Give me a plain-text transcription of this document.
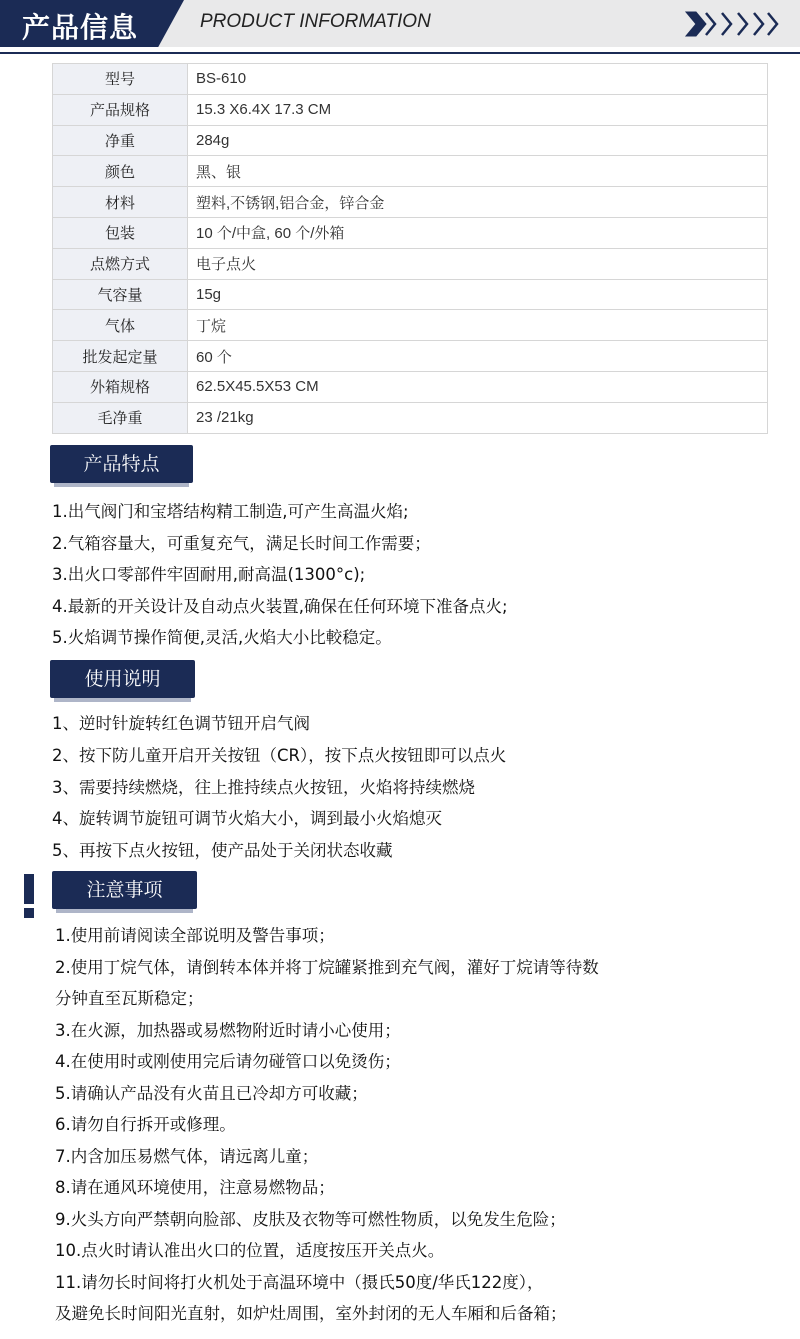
产品信息	PRODUCT INFORMATION
型号	BS-610
产品规格	15.3 X6.4X 17.3 CM
净重	284g
颜色	黑、银
材料	塑料,不锈钢,铝合金，锌合金
包装	10 个/中盒, 60 个/外箱
点燃方式	电子点火
气容量	15g
气体	丁烷
批发起定量	60 个
外箱规格	62.5X45.5X53 CM
毛净重	23 /21kg
产品特点
1.出气阀门和宝塔结构精工制造,可产生高温火焰;
2.气箱容量大，可重复充气，满足长时间工作需要；
3.出火口零部件牢固耐用,耐高温(1300°c);
4.最新的开关设计及自动点火装置,确保在任何环境下准备点火;
5.火焰调节操作简便,灵活,火焰大小比較稳定。
使用说明
1、逆时针旋转红色调节钮开启气阀
2、按下防儿童开启开关按钮（CR），按下点火按钮即可以点火
3、需要持续燃烧，往上推持续点火按钮，火焰将持续燃烧
4、旋转调节旋钮可调节火焰大小，调到最小火焰熄灭
5、再按下点火按钮，使产品处于关闭状态收藏
注意事项
1.使用前请阅读全部说明及警告事项；
2.使用丁烷气体，请倒转本体并将丁烷罐紧推到充气阀，灌好丁烷请等待数
分钟直至瓦斯稳定；
3.在火源，加热器或易燃物附近时请小心使用；
4.在使用时或刚使用完后请勿碰管口以免烫伤；
5.请确认产品没有火苗且已冷却方可收藏；
6.请勿自行拆开或修理。
7.内含加压易燃气体，请远离儿童；
8.请在通风环境使用，注意易燃物品；
9.火头方向严禁朝向脸部、皮肤及衣物等可燃性物质，以免发生危险；
10.点火时请认准出火口的位置，适度按压开关点火。
11.请勿长时间将打火机处于高温环境中（摄氏50度/华氏122度），
及避免长时间阳光直射，如炉灶周围，室外封闭的无人车厢和后备箱；
